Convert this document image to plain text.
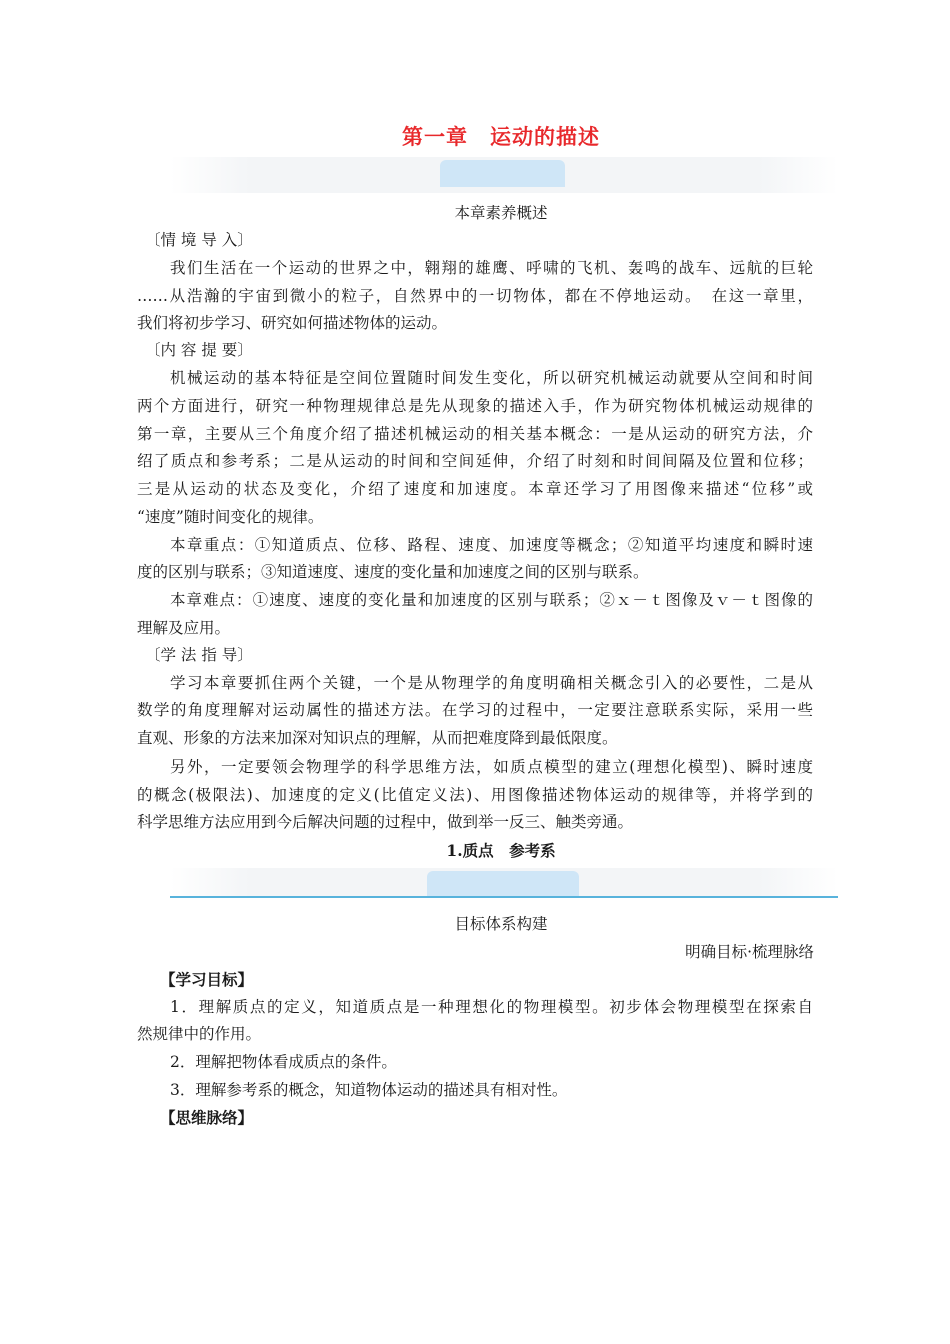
第一章　运动的描述
本章素养概述
〔情 境 导 入〕
我们生活在一个运动的世界之中，翱翔的雄鹰、呼啸的飞机、轰鸣的战车、远航的巨轮
……从浩瀚的宇宙到微小的粒子，自然界中的一切物体，都在不停地运动。　在这一章里，
我们将初步学习、研究如何描述物体的运动。
〔内 容 提 要〕
机械运动的基本特征是空间位置随时间发生变化，所以研究机械运动就要从空间和时间
两个方面进行，研究一种物理规律总是先从现象的描述入手，作为研究物体机械运动规律的
第一章，主要从三个角度介绍了描述机械运动的相关基本概念：一是从运动的研究方法，介
绍了质点和参考系；二是从运动的时间和空间延伸，介绍了时刻和时间间隔及位置和位移；
三是从运动的状态及变化，介绍了速度和加速度。本章还学习了用图像来描述“位移”或
“速度”随时间变化的规律。
本章重点：①知道质点、位移、路程、速度、加速度等概念；②知道平均速度和瞬时速
度的区别与联系；③知道速度、速度的变化量和加速度之间的区别与联系。
本章难点：①速度、速度的变化量和加速度的区别与联系；②ｘ－ｔ图像及ｖ－ｔ图像的
理解及应用。
〔学 法 指 导〕
学习本章要抓住两个关键，一个是从物理学的角度明确相关概念引入的必要性，二是从
数学的角度理解对运动属性的描述方法。在学习的过程中，一定要注意联系实际，采用一些
直观、形象的方法来加深对知识点的理解，从而把难度降到最低限度。
另外，一定要领会物理学的科学思维方法，如质点模型的建立(理想化模型)、瞬时速度
的概念(极限法)、加速度的定义(比值定义法)、用图像描述物体运动的规律等，并将学到的
科学思维方法应用到今后解决问题的过程中，做到举一反三、触类旁通。
1.质点　参考系
目标体系构建
明确目标·梳理脉络
【学习目标】
1．理解质点的定义，知道质点是一种理想化的物理模型。初步体会物理模型在探索自
然规律中的作用。
2．理解把物体看成质点的条件。
3．理解参考系的概念，知道物体运动的描述具有相对性。
【思维脉络】
